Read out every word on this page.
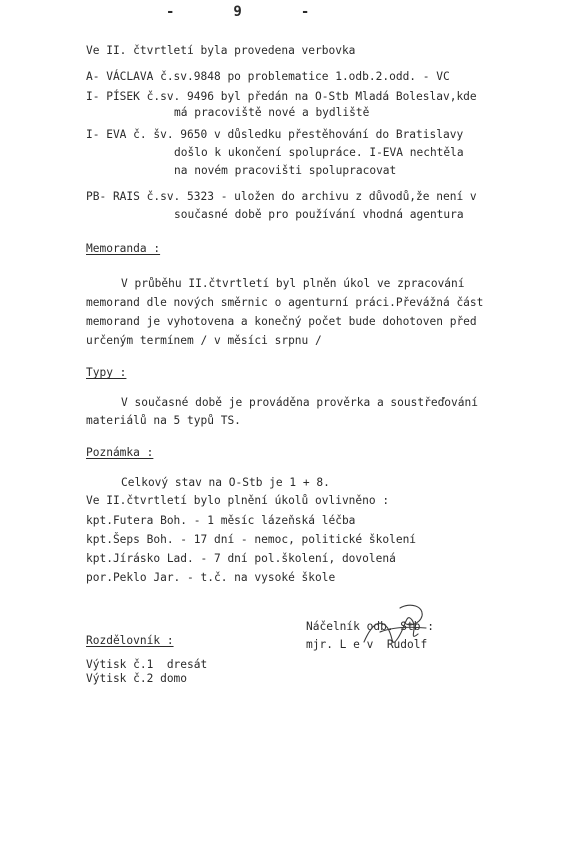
-       9       -
Ve II. čtvrtletí byla provedena verbovka
A- VÁCLAVA č.sv.9848 po problematice 1.odb.2.odd. - VC
I- PÍSEK č.sv. 9496 byl předán na O-Stb Mladá Boleslav,kde
má pracoviště nové a bydliště
I- EVA č. šv. 9650 v důsledku přestěhování do Bratislavy
došlo k ukončení spolupráce. I-EVA nechtěla
na novém pracovišti spolupracovat
PB- RAIS č.sv. 5323 - uložen do archivu z důvodů,že není v
současné době pro používání vhodná agentura
Memoranda :
V průběhu II.čtvrtletí byl plněn úkol ve zpracování
memorand dle nových směrnic o agenturní práci.Převážná část
memorand je vyhotovena a konečný počet bude dohotoven před
určeným termínem / v měsíci srpnu /
Typy :
V současné době je prováděna prověrka a soustřeďování
materiálů na 5 typů TS.
Poznámka :
Celkový stav na O-Stb je 1 + 8.
Ve II.čtvrtletí bylo plnění úkolů ovlivněno :
kpt.Futera Boh. - 1 měsíc lázeňská léčba
kpt.Šeps Boh. - 17 dní - nemoc, politické školení
kpt.Jírásko Lad. - 7 dní pol.školení, dovolená
por.Peklo Jar. - t.č. na vysoké škole
Náčelník odb. Stb :
mjr. L e v  Rudolf
Rozdělovník :
Výtisk č.1  dresát
Výtisk č.2 domo
